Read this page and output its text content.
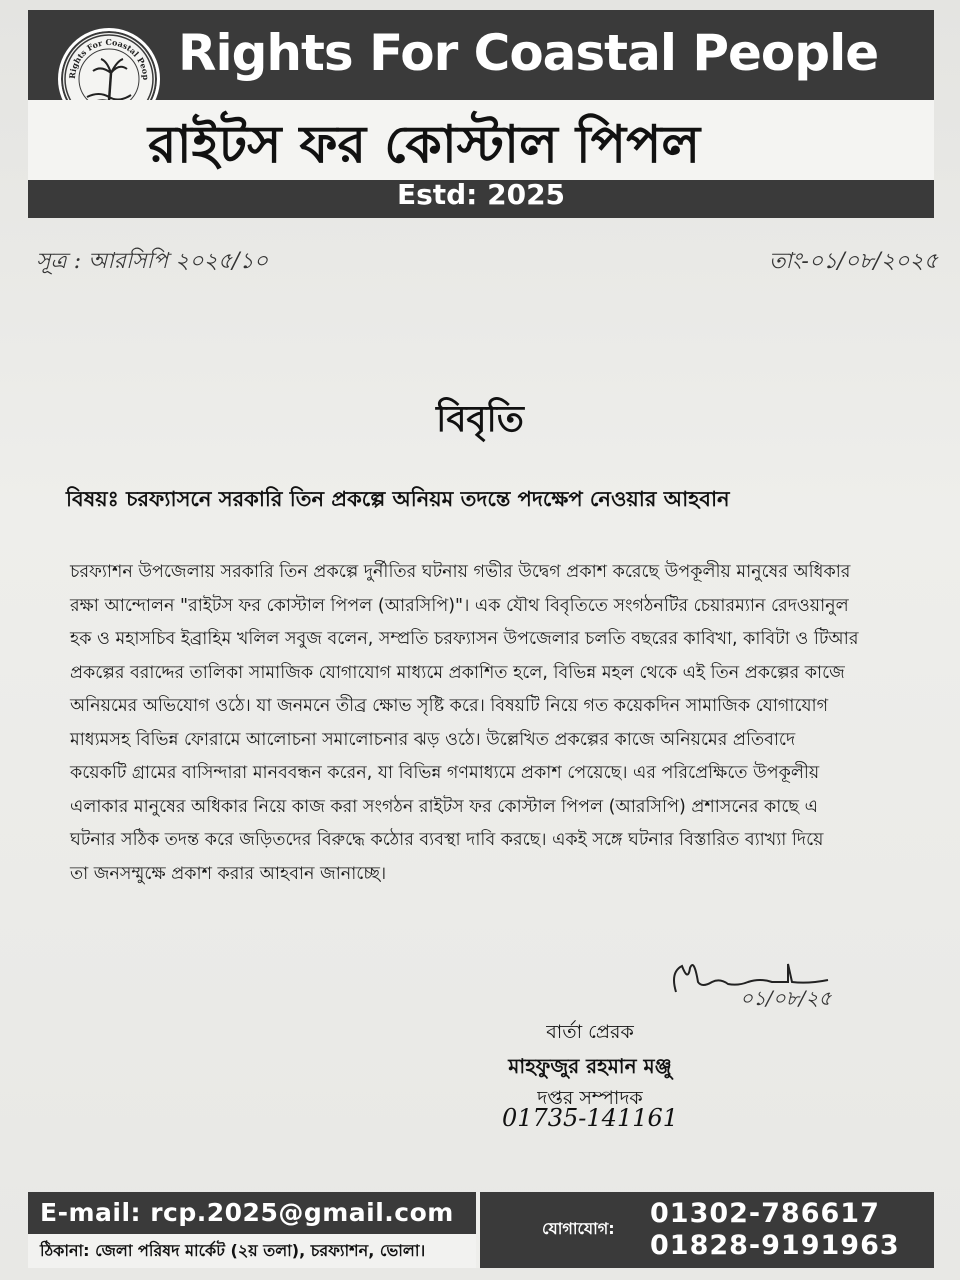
Rights For Coastal Peop Rights For Coastal People
রাইটস ফর কোস্টাল পিপল
Estd: 2025
সূত্র : আরসিপি ২০২৫/১০	তাং-০১/০৮/২০২৫
বিবৃতি
বিষয়ঃ চরফ্যাসনে সরকারি তিন প্রকল্পে অনিয়ম তদন্তে পদক্ষেপ নেওয়ার আহবান

চরফ্যাশন উপজেলায় সরকারি তিন প্রকল্পে দুর্নীতির ঘটনায় গভীর উদ্বেগ প্রকাশ করেছে উপকূলীয় মানুষের অধিকার

রক্ষা আন্দোলন "রাইটস ফর কোস্টাল পিপল (আরসিপি)"। এক যৌথ বিবৃতিতে সংগঠনটির চেয়ারম্যান রেদওয়ানুল

হক ও মহাসচিব ইব্রাহিম খলিল সবুজ বলেন, সম্প্রতি চরফ্যাসন উপজেলার চলতি বছরের কাবিখা, কাবিটা ও টিআর

প্রকল্পের বরাদ্দের তালিকা সামাজিক যোগাযোগ মাধ্যমে প্রকাশিত হলে, বিভিন্ন মহল থেকে এই তিন প্রকল্পের কাজে

অনিয়মের অভিযোগ ওঠে। যা জনমনে তীব্র ক্ষোভ সৃষ্টি করে। বিষয়টি নিয়ে গত কয়েকদিন সামাজিক যোগাযোগ

মাধ্যমসহ বিভিন্ন ফোরামে আলোচনা সমালোচনার ঝড় ওঠে। উল্লেখিত প্রকল্পের কাজে অনিয়মের প্রতিবাদে

কয়েকটি গ্রামের বাসিন্দারা মানববন্ধন করেন, যা বিভিন্ন গণমাধ্যমে প্রকাশ পেয়েছে। এর পরিপ্রেক্ষিতে উপকূলীয়

এলাকার মানুষের অধিকার নিয়ে কাজ করা সংগঠন রাইটস ফর কোস্টাল পিপল (আরসিপি) প্রশাসনের কাছে এ

ঘটনার সঠিক তদন্ত করে জড়িতদের বিরুদ্ধে কঠোর ব্যবস্থা দাবি করছে। একই সঙ্গে ঘটনার বিস্তারিত ব্যাখ্যা দিয়ে

তা জনসম্মুক্ষে প্রকাশ করার আহবান জানাচ্ছে।

০১/০৮/২৫
বার্তা প্রেরক
মাহফুজুর রহমান মঞ্জু
দপ্তর সম্পাদক
01735-141161
E-mail: rcp.2025@gmail.com
ঠিকানা: জেলা পরিষদ মার্কেট (২য় তলা), চরফ্যাশন, ভোলা।
যোগাযোগ: 01302-786617
01828-9191963
